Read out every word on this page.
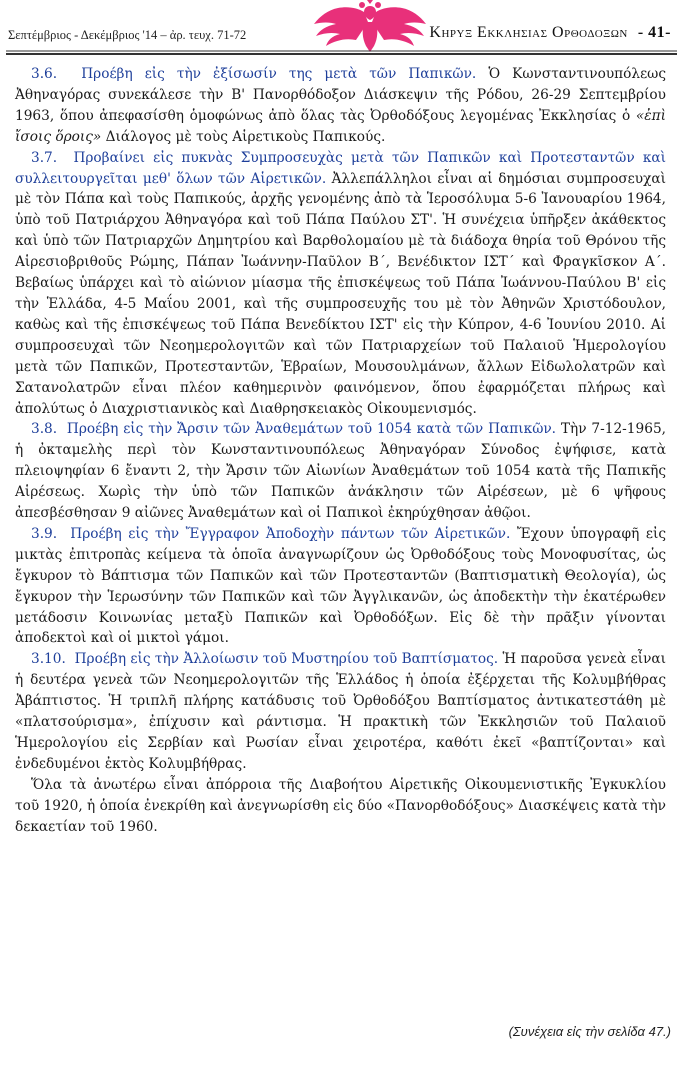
Σεπτέμβριος - Δεκέμβριος '14 – ἀρ. τευχ. 71-72	Κηρυξ Εκκλησιας Ορθοδοξων - 41-

3.6. Προέβη εἰς τὴν ἐξίσωσίν της μετὰ τῶν Παπικῶν. Ὁ Κωνσταντινουπόλεως Ἀθηναγόρας συνεκάλεσε τὴν Β' Πανορθόδοξον Διάσκεψιν τῆς Ρόδου, 26-29 Σεπτεμβρίου 1963, ὅπου ἀπεφασίσθη ὁμοφώνως ἀπὸ ὅλας τὰς Ὀρθοδόξους λεγομένας Ἐκκλησίας ὁ «ἐπὶ ἴσοις ὅροις» Διάλογος μὲ τοὺς Αἱρετικοὺς Παπικούς.

3.7. Προβαίνει εἰς πυκνὰς Συμπροσευχὰς μετὰ τῶν Παπικῶν καὶ Προτεσταντῶν καὶ συλλειτουργεῖται μεθ' ὅλων τῶν Αἱρετικῶν. Ἀλλεπάλληλοι εἶναι αἱ δημόσιαι συμπροσευχαὶ μὲ τὸν Πάπα καὶ τοὺς Παπικούς, ἀρχῆς γενομένης ἀπὸ τὰ Ἱεροσόλυμα 5-6 Ἰανουαρίου 1964, ὑπὸ τοῦ Πατριάρχου Ἀθηναγόρα καὶ τοῦ Πάπα Παύλου ΣΤ'. Ἡ συνέχεια ὑπῆρξεν ἀκάθεκτος καὶ ὑπὸ τῶν Πατριαρχῶν Δημητρίου καὶ Βαρθολομαίου μὲ τὰ διάδοχα θηρία τοῦ Θρόνου τῆς Αἱρεσιοβριθοῦς Ρώμης, Πάπαν Ἰωάννην-Παῦλον Β΄, Βενέδικτον ΙΣΤ΄ καὶ Φραγκῖσκον Α΄. Βεβαίως ὑπάρχει καὶ τὸ αἰώνιον μίασμα τῆς ἐπισκέψεως τοῦ Πάπα Ἰωάννου-Παύλου Β' εἰς τὴν Ἑλλάδα, 4-5 Μαΐου 2001, καὶ τῆς συμπροσευχῆς του μὲ τὸν Ἀθηνῶν Χριστόδουλον, καθὼς καὶ τῆς ἐπισκέψεως τοῦ Πάπα Βενεδίκτου ΙΣΤ' εἰς τὴν Κύπρον, 4-6 Ἰουνίου 2010. Αἱ συμπροσευχαὶ τῶν Νεοημερολογιτῶν καὶ τῶν Πατριαρχείων τοῦ Παλαιοῦ Ἡμερολογίου μετὰ τῶν Παπικῶν, Προτεσταντῶν, Ἑβραίων, Μουσουλμάνων, ἄλλων Εἰδωλολατρῶν καὶ Σατανολατρῶν εἶναι πλέον καθημερινὸν φαινόμενον, ὅπου ἐφαρμόζεται πλήρως καὶ ἀπολύτως ὁ Διαχριστιανικὸς καὶ Διαθρησκειακὸς Οἰκουμενισμός.

3.8. Προέβη εἰς τὴν Ἄρσιν τῶν Ἀναθεμάτων τοῦ 1054 κατὰ τῶν Παπικῶν. Τὴν 7-12-1965, ἡ ὀκταμελὴς περὶ τὸν Κωνσταντινουπόλεως Ἀθηναγόραν Σύνοδος ἐψήφισε, κατὰ πλειοψηφίαν 6 ἔναντι 2, τὴν Ἄρσιν τῶν Αἰωνίων Ἀναθεμάτων τοῦ 1054 κατὰ τῆς Παπικῆς Αἱρέσεως. Χωρὶς τὴν ὑπὸ τῶν Παπικῶν ἀνάκλησιν τῶν Αἱρέσεων, μὲ 6 ψῆφους ἀπεσβέσθησαν 9 αἰῶνες Ἀναθεμάτων καὶ οἱ Παπικοὶ ἐκηρύχθησαν ἀθῷοι.

3.9. Προέβη εἰς τὴν Ἔγγραφον Ἀποδοχὴν πάντων τῶν Αἱρετικῶν. Ἔχουν ὑπογραφῆ εἰς μικτὰς ἐπιτροπὰς κείμενα τὰ ὁποῖα ἀναγνωρίζουν ὡς Ὀρθοδόξους τοὺς Μονοφυσίτας, ὡς ἔγκυρον τὸ Βάπτισμα τῶν Παπικῶν καὶ τῶν Προτεσταντῶν (Βαπτισματικὴ Θεολογία), ὡς ἔγκυρον τὴν Ἱερωσύνην τῶν Παπικῶν καὶ τῶν Ἀγγλικανῶν, ὡς ἀποδεκτὴν τὴν ἑκατέρωθεν μετάδοσιν Κοινωνίας μεταξὺ Παπικῶν καὶ Ὀρθοδόξων. Εἰς δὲ τὴν πρᾶξιν γίνονται ἀποδεκτοὶ καὶ οἱ μικτοὶ γάμοι.

3.10. Προέβη εἰς τὴν Ἀλλοίωσιν τοῦ Μυστηρίου τοῦ Βαπτίσματος. Ἡ παροῦσα γενεὰ εἶναι ἡ δευτέρα γενεὰ τῶν Νεοημερολογιτῶν τῆς Ἑλλάδος ἡ ὁποία ἐξέρχεται τῆς Κολυμβήθρας Ἀβάπτιστος. Ἡ τριπλῆ πλήρης κατάδυσις τοῦ Ὀρθοδόξου Βαπτίσματος ἀντικατεστάθη μὲ «πλατσούρισμα», ἐπίχυσιν καὶ ράντισμα. Ἡ πρακτικὴ τῶν Ἐκκλησιῶν τοῦ Παλαιοῦ Ἡμερολογίου εἰς Σερβίαν καὶ Ρωσίαν εἶναι χειροτέρα, καθότι ἐκεῖ «βαπτίζονται» καὶ ἐνδεδυμένοι ἐκτὸς Κολυμβήθρας.

Ὅλα τὰ ἀνωτέρω εἶναι ἀπόρροια τῆς Διαβοήτου Αἱρετικῆς Οἰκουμενιστικῆς Ἐγκυκλίου τοῦ 1920, ἡ ὁποία ἐνεκρίθη καὶ ἀνεγνωρίσθη εἰς δύο «Πανορθοδόξους» Διασκέψεις κατὰ τὴν δεκαετίαν τοῦ 1960.

(Συνέχεια εἰς τὴν σελίδα 47.)
